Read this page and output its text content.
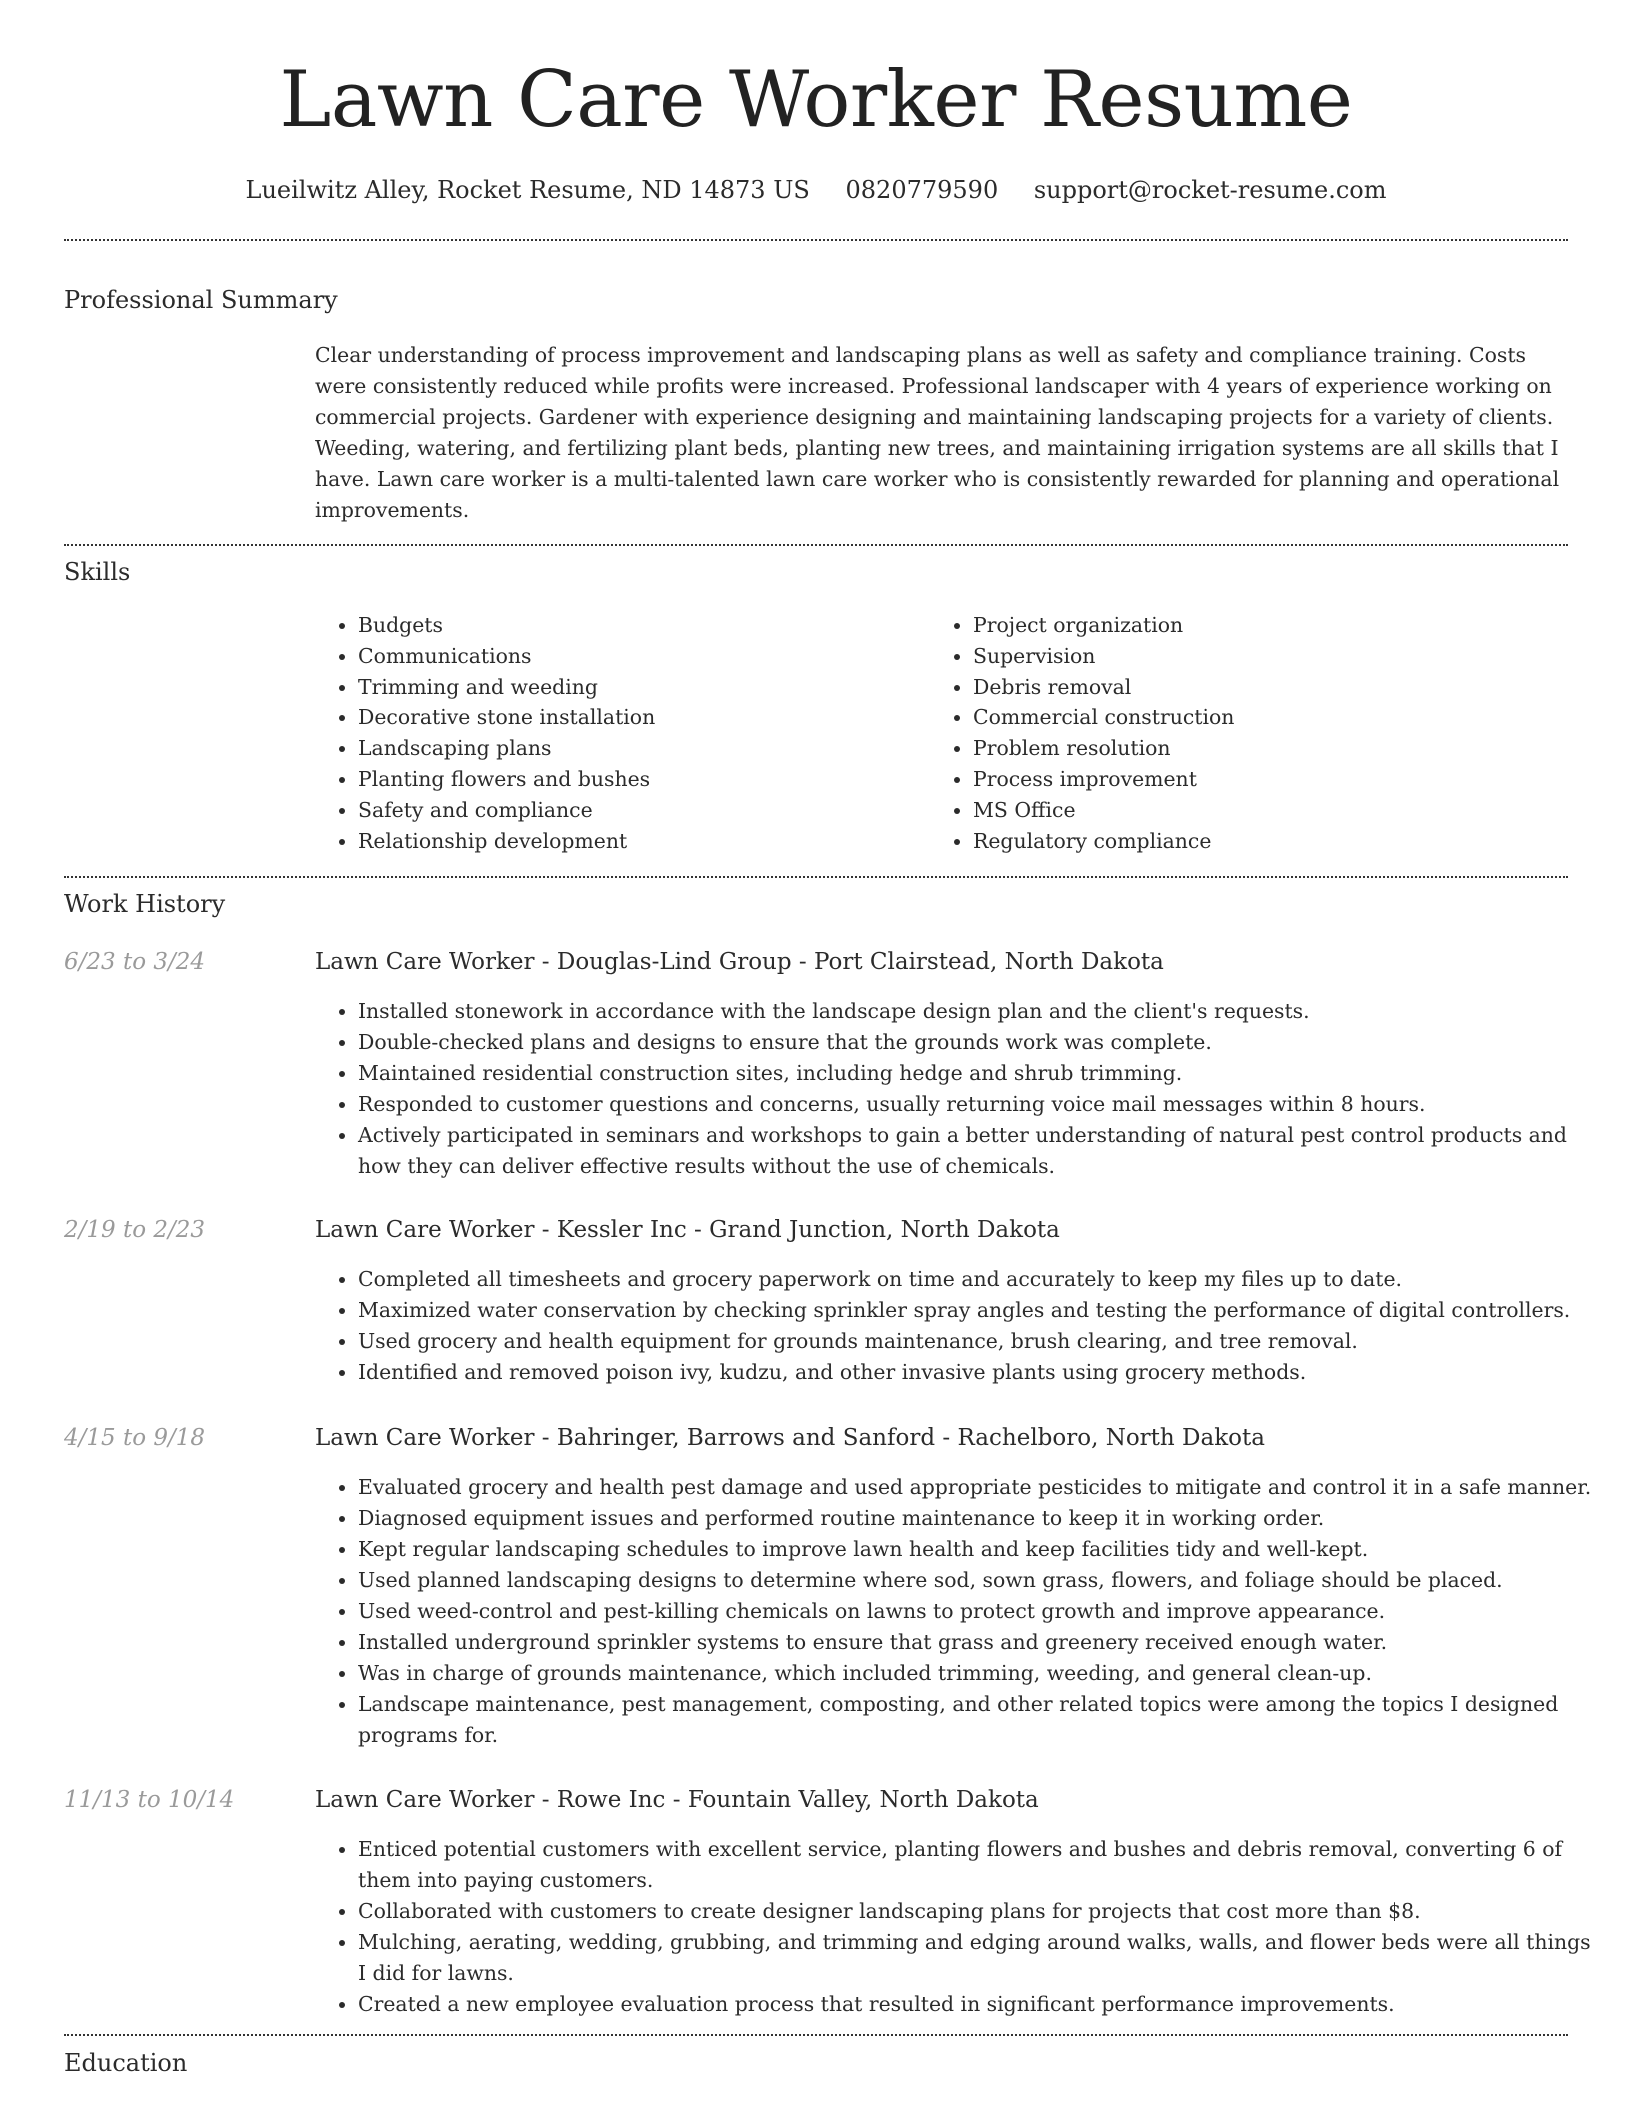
Lawn Care Worker Resume
Lueilwitz Alley, Rocket Resume, ND 14873 US 0820779590 support@rocket-resume.com
Professional Summary

Clear understanding of process improvement and landscaping plans as well as safety and compliance training. Costs were consistently reduced while profits were increased. Professional landscaper with 4 years of experience working on commercial projects. Gardener with experience designing and maintaining landscaping projects for a variety of clients. Weeding, watering, and fertilizing plant beds, planting new trees, and maintaining irrigation systems are all skills that I have. Lawn care worker is a multi-talented lawn care worker who is consistently rewarded for planning and operational improvements.

Skills
• Budgets
• Communications
• Trimming and weeding
• Decorative stone installation
• Landscaping plans
• Planting flowers and bushes
• Safety and compliance
• Relationship development
• Project organization
• Supervision
• Debris removal
• Commercial construction
• Problem resolution
• Process improvement
• MS Office
• Regulatory compliance
Work History
6/23 to 3/24	Lawn Care Worker - Douglas-Lind Group - Port Clairstead, North Dakota
• Installed stonework in accordance with the landscape design plan and the client's requests.
• Double-checked plans and designs to ensure that the grounds work was complete.
• Maintained residential construction sites, including hedge and shrub trimming.
• Responded to customer questions and concerns, usually returning voice mail messages within 8 hours.
• Actively participated in seminars and workshops to gain a better understanding of natural pest control products and how they can deliver effective results without the use of chemicals.
2/19 to 2/23	Lawn Care Worker - Kessler Inc - Grand Junction, North Dakota
• Completed all timesheets and grocery paperwork on time and accurately to keep my files up to date.
• Maximized water conservation by checking sprinkler spray angles and testing the performance of digital controllers.
• Used grocery and health equipment for grounds maintenance, brush clearing, and tree removal.
• Identified and removed poison ivy, kudzu, and other invasive plants using grocery methods.
4/15 to 9/18	Lawn Care Worker - Bahringer, Barrows and Sanford - Rachelboro, North Dakota
• Evaluated grocery and health pest damage and used appropriate pesticides to mitigate and control it in a safe manner.
• Diagnosed equipment issues and performed routine maintenance to keep it in working order.
• Kept regular landscaping schedules to improve lawn health and keep facilities tidy and well-kept.
• Used planned landscaping designs to determine where sod, sown grass, flowers, and foliage should be placed.
• Used weed-control and pest-killing chemicals on lawns to protect growth and improve appearance.
• Installed underground sprinkler systems to ensure that grass and greenery received enough water.
• Was in charge of grounds maintenance, which included trimming, weeding, and general clean-up.
• Landscape maintenance, pest management, composting, and other related topics were among the topics I designed programs for.
11/13 to 10/14	Lawn Care Worker - Rowe Inc - Fountain Valley, North Dakota
• Enticed potential customers with excellent service, planting flowers and bushes and debris removal, converting 6 of them into paying customers.
• Collaborated with customers to create designer landscaping plans for projects that cost more than $8.
• Mulching, aerating, wedding, grubbing, and trimming and edging around walks, walls, and flower beds were all things I did for lawns.
• Created a new employee evaluation process that resulted in significant performance improvements.
Education
